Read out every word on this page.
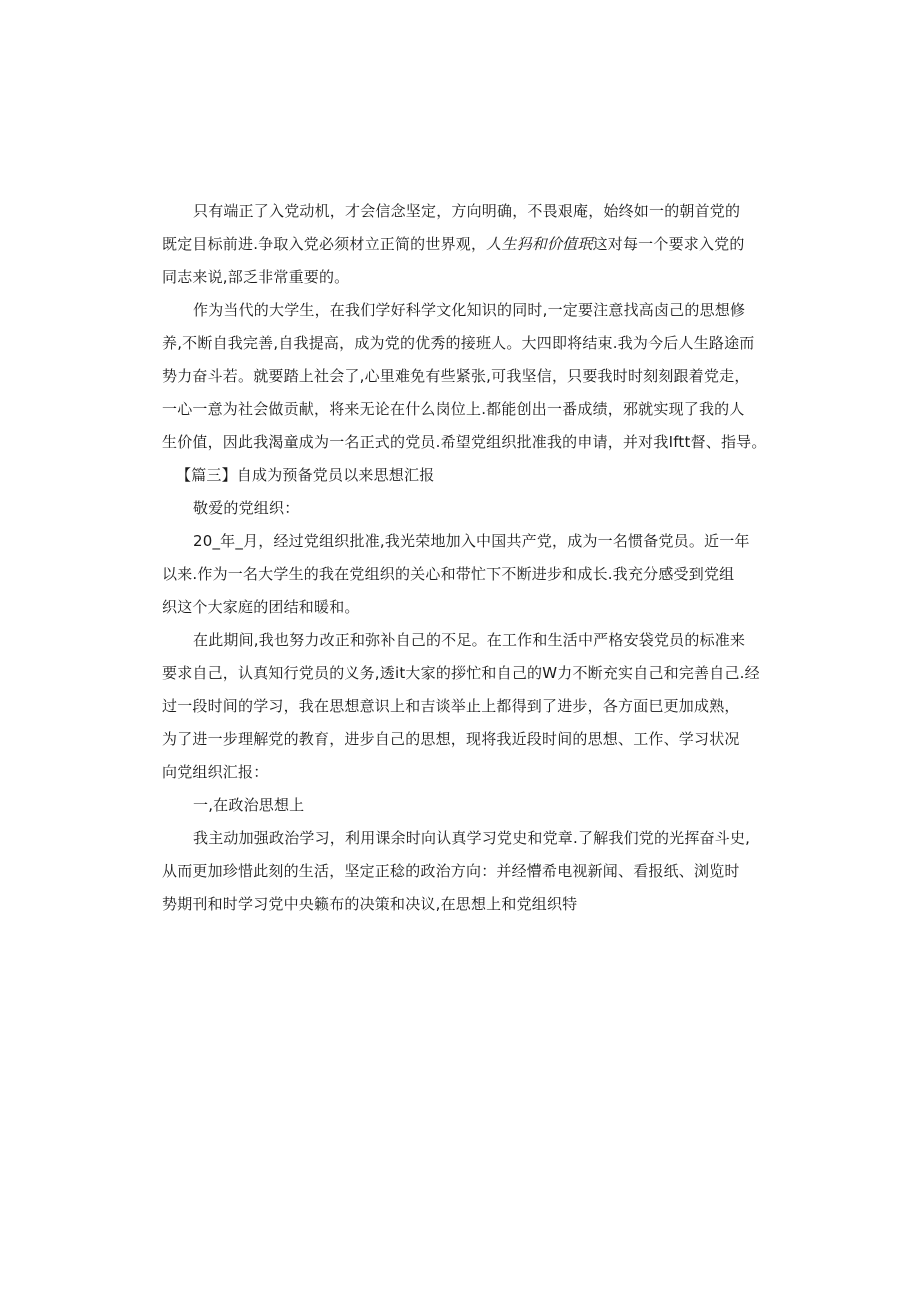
只有端正了入党动机，才会信念坚定，方向明确，不畏艰庵，始终如一的朝首党的
既定目标前进.争取入党必须材立正简的世界观，人生犸和价值珉这对每一个要求入党的
同志来说,部乏非常重要的。
作为当代的大学生，在我们学好科学文化知识的同时,一定要注意找高卤己的思想修
养,不断自我完善,自我提高，成为党的优秀的接班人。大四即将结束.我为今后人生路途而
势力奋斗若。就要踏上社会了,心里难免有些紧张,可我坚信，只要我时时刻刻跟着党走，
一心一意为社会做贡献，将来无论在什么岗位上.都能创出一番成绩，邪就实现了我的人
生价值，因此我渴童成为一名正式的党员.希望党组织批准我的申请，并对我Iftt督、指导。
【篇三】自成为预备党员以来思想汇报
敬爱的党组织：
20_年_月，经过党组织批准,我光荣地加入中国共产党，成为一名惯备党员。近一年
以来.作为一名大学生的我在党组织的关心和带忙下不断进步和成长.我充分感受到党组
织这个大家庭的团结和暖和。
在此期间,我也努力改正和弥补自己的不足。在工作和生活中严格安袋党员的标准来
要求自己，认真知行党员的义务,透it大家的拶忙和自己的W力不断充实自己和完善自己.经
过一段时间的学习，我在思想意识上和吉谈举止上都得到了进步，各方面巳更加成熟，
为了进一步理解党的教育，进步自己的思想，现将我近段时间的思想、工作、学习状况
向党组织汇报：
一,在政治思想上
我主动加强政治学习，利用课余时向认真学习党史和党章.了解我们党的光挥奋斗史,
从而更加珍惜此刻的生活，坚定正稔的政治方向：并经懵希电视新闻、看报纸、浏览时
势期刊和时学习党中央籁布的决策和决议,在思想上和党组织特
